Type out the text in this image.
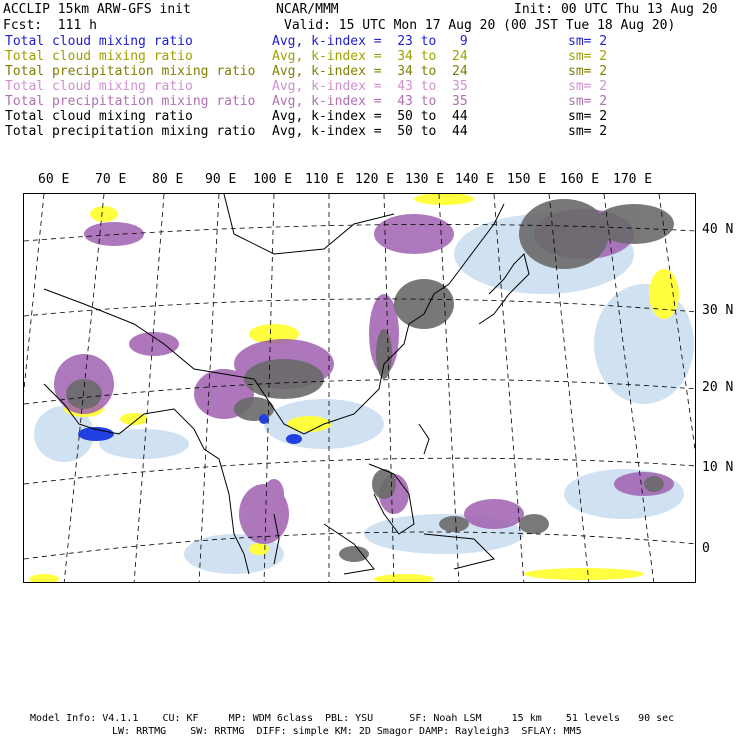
ACCLIP 15km ARW-GFS init	NCAR/MMM	Init: 00 UTC Thu 13 Aug 20
Fcst:  111 h	Valid: 15 UTC Mon 17 Aug 20 (00 JST Tue 18 Aug 20)
Total cloud mixing ratio	Avg, k-index =  23 to   9	sm= 2
Total cloud mixing ratio	Avg, k-index =  34 to  24	sm= 2
Total precipitation mixing ratio Avg, k-index =  34 to  24	sm= 2
Total cloud mixing ratio	Avg, k-index =  43 to  35	sm= 2
Total precipitation mixing ratio Avg, k-index =  43 to  35	sm= 2
Total cloud mixing ratio	Avg, k-index =  50 to  44	sm= 2
Total precipitation mixing ratio Avg, k-index =  50 to  44	sm= 2
60 E 70 E 80 E 90 E 100 E 110 E 120 E 130 E 140 E 150 E 160 E 170 E
40 N
30 N
20 N
10 N
0
Model Info: V4.1.1    CU: KF     MP: WDM 6class  PBL: YSU      SF: Noah LSM     15 km    51 levels   90 sec
LW: RRTMG    SW: RRTMG  DIFF: simple KM: 2D Smagor DAMP: Rayleigh3  SFLAY: MM5
